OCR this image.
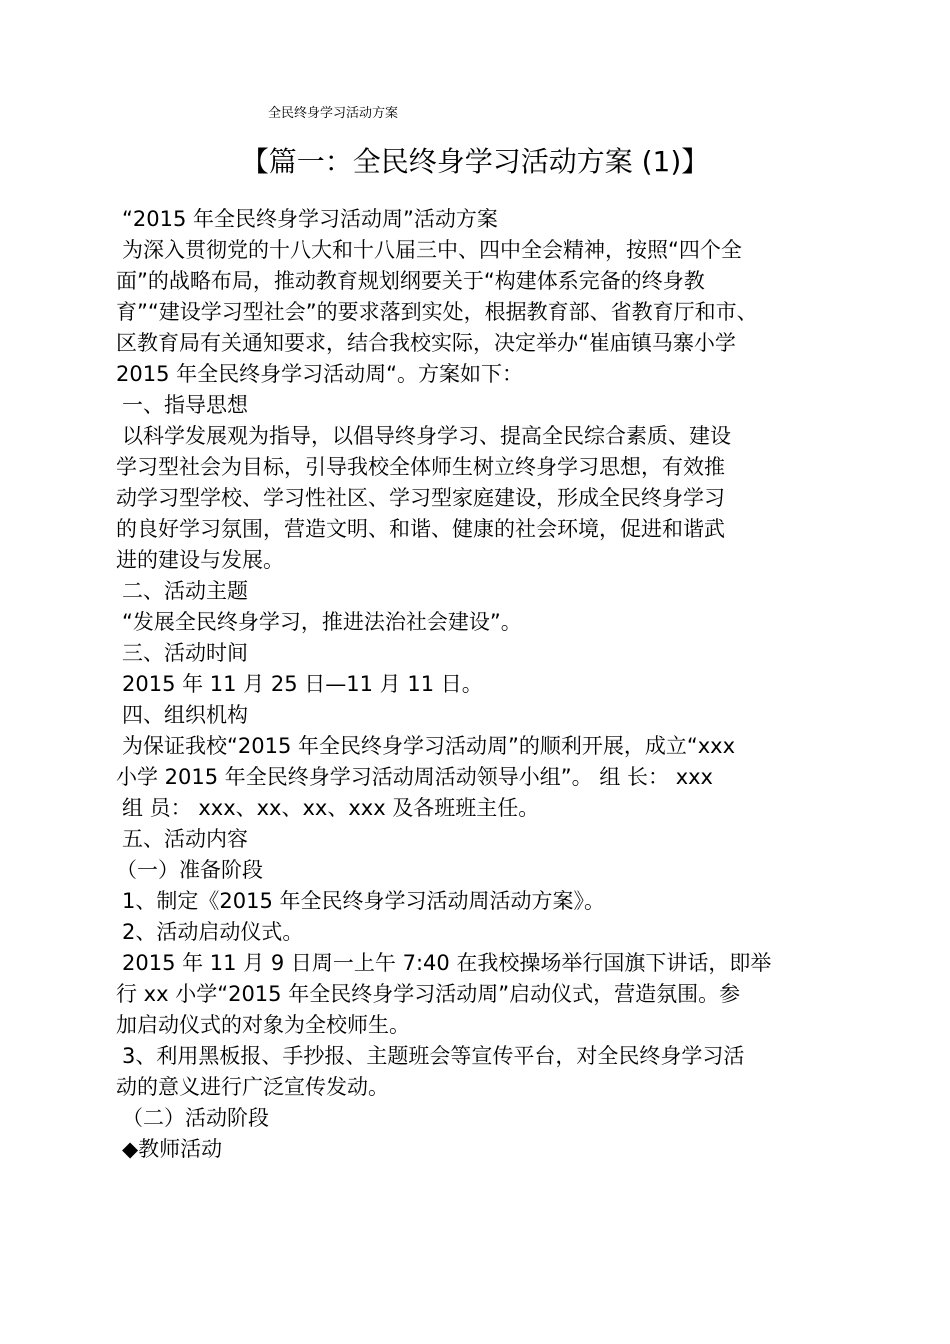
全民终身学习活动方案
【篇一：全民终身学习活动方案 (1)】
“2015 年全民终身学习活动周”活动方案
为深入贯彻党的十八大和十八届三中、四中全会精神，按照“四个全
面”的战略布局，推动教育规划纲要关于“构建体系完备的终身教
育”“建设学习型社会”的要求落到实处，根据教育部、省教育厅和市、
区教育局有关通知要求，结合我校实际，决定举办“崔庙镇马寨小学
2015 年全民终身学习活动周“。方案如下：
一、指导思想
以科学发展观为指导，以倡导终身学习、提高全民综合素质、建设
学习型社会为目标，引导我校全体师生树立终身学习思想，有效推
动学习型学校、学习性社区、学习型家庭建设，形成全民终身学习
的良好学习氛围，营造文明、和谐、健康的社会环境，促进和谐武
进的建设与发展。
二、活动主题
“发展全民终身学习，推进法治社会建设”。
三、活动时间
2015 年 11 月 25 日—11 月 11 日。
四、组织机构
为保证我校“2015 年全民终身学习活动周”的顺利开展，成立“xxx
小学 2015 年全民终身学习活动周活动领导小组”。 组 长： xxx
组 员： xxx、xx、xx、xxx 及各班班主任。
五、活动内容
（一）准备阶段
1、制定《2015 年全民终身学习活动周活动方案》。
2、活动启动仪式。
2015 年 11 月 9 日周一上午 7:40 在我校操场举行国旗下讲话，即举
行 xx 小学“2015 年全民终身学习活动周”启动仪式，营造氛围。参
加启动仪式的对象为全校师生。
3、利用黑板报、手抄报、主题班会等宣传平台，对全民终身学习活
动的意义进行广泛宣传发动。
（二）活动阶段
◆教师活动
